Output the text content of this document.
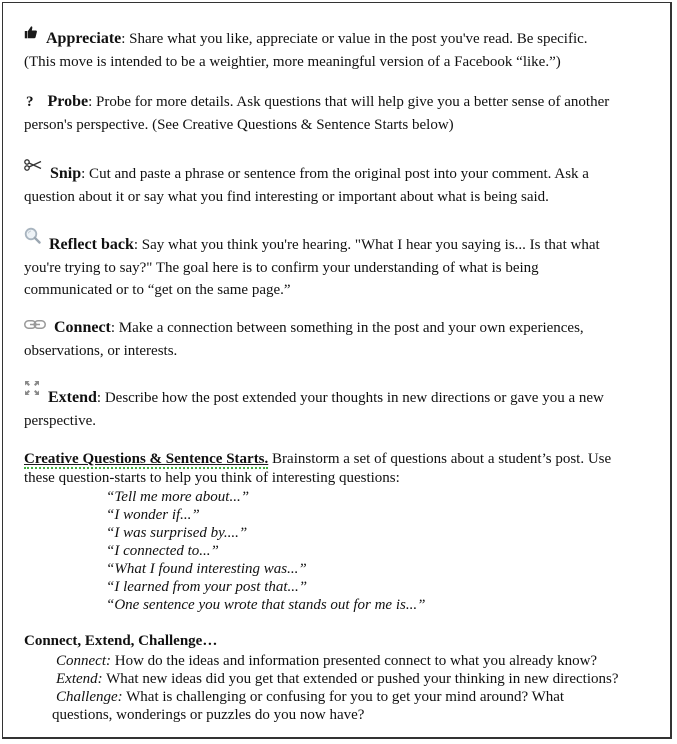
Appreciate: Share what you like, appreciate or value in the post you've read. Be specific.
(This move is intended to be a weightier, more meaningful version of a Facebook “like.”)
? Probe: Probe for more details. Ask questions that will help give you a better sense of another
person's perspective. (See Creative Questions & Sentence Starts below)
Snip: Cut and paste a phrase or sentence from the original post into your comment. Ask a
question about it or say what you find interesting or important about what is being said.
Reflect back: Say what you think you're hearing. "What I hear you saying is... Is that what
you're trying to say?" The goal here is to confirm your understanding of what is being
communicated or to “get on the same page.”
Connect: Make a connection between something in the post and your own experiences,
observations, or interests.
Extend: Describe how the post extended your thoughts in new directions or gave you a new
perspective.
Creative Questions & Sentence Starts. Brainstorm a set of questions about a student’s post. Use
these question-starts to help you think of interesting questions:
“Tell me more about...”
“I wonder if...”
“I was surprised by....”
“I connected to...”
“What I found interesting was...”
“I learned from your post that...”
“One sentence you wrote that stands out for me is...”
Connect, Extend, Challenge…
Connect: How do the ideas and information presented connect to what you already know?
Extend: What new ideas did you get that extended or pushed your thinking in new directions?
Challenge: What is challenging or confusing for you to get your mind around? What
questions, wonderings or puzzles do you now have?
